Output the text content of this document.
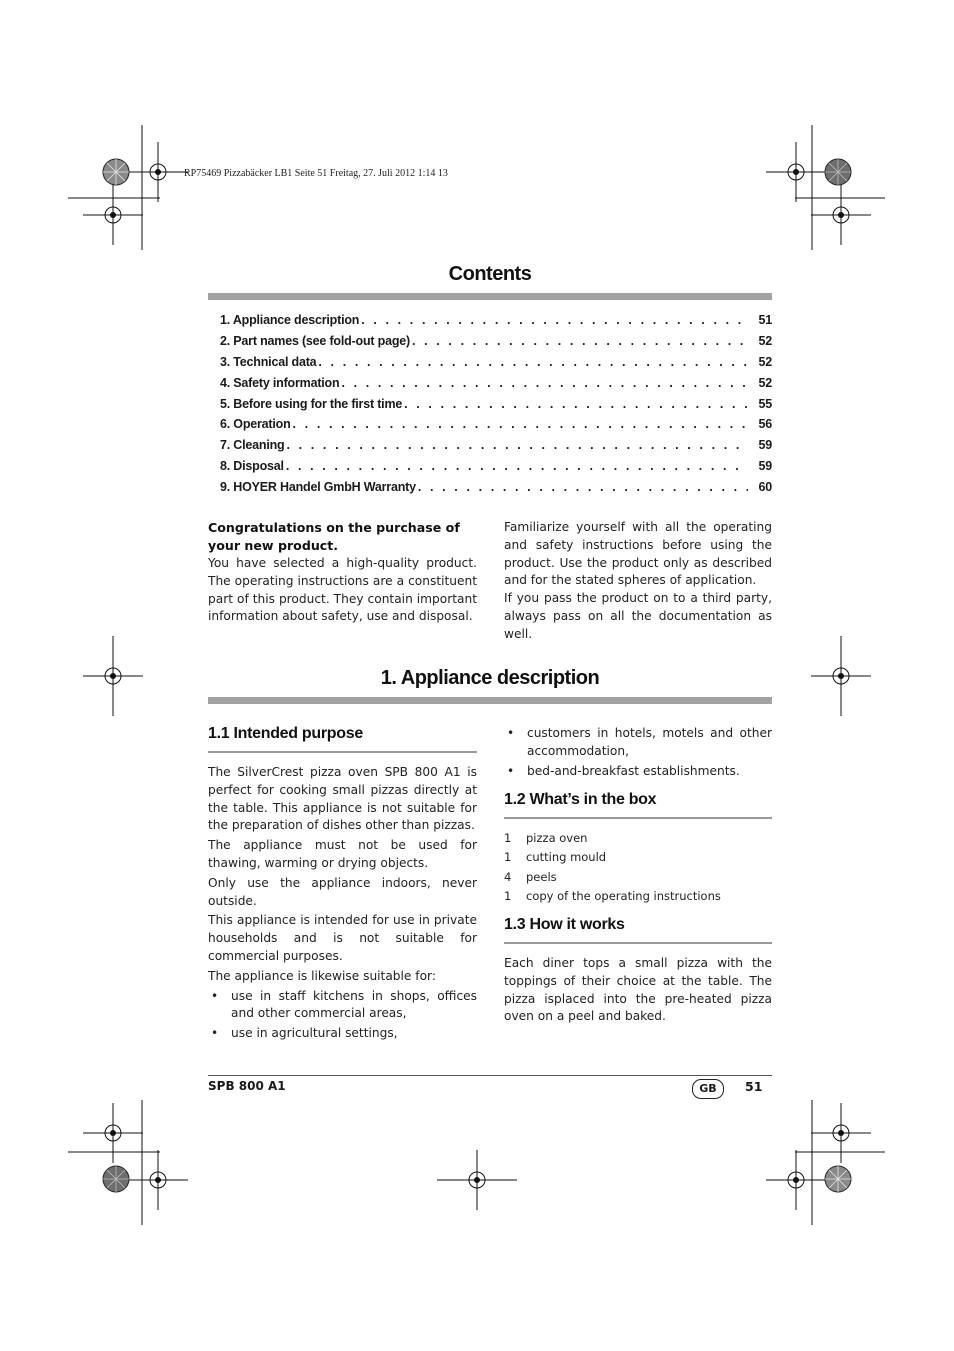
RP75469 Pizzabäcker LB1 Seite 51 Freitag, 27. Juli 2012 1:14 13
Contents
1. Appliance description . . .	51
2. Part names (see fold-out page) . . .	52
3. Technical data . . .	52
4. Safety information . . .	52
5. Before using for the first time . . .	55
6. Operation . . .	56
7. Cleaning . . .	59
8. Disposal . . .	59
9. HOYER Handel GmbH Warranty . . .	60

Congratulations on the purchase of your new product.

You have selected a high-quality product. The operating instructions are a constituent part of this product. They contain important information about safety, use and disposal.

Familiarize yourself with all the operating and safety instructions before using the product. Use the product only as described and for the stated spheres of application.

If you pass the product on to a third party, always pass on all the documentation as well.

1. Appliance description
1.1 Intended purpose

The SilverCrest pizza oven SPB 800 A1 is perfect for cooking small pizzas directly at the table. This appliance is not suitable for the preparation of dishes other than pizzas.

The appliance must not be used for thawing, warming or drying objects.

Only use the appliance indoors, never outside.

This appliance is intended for use in private households and is not suitable for commercial purposes.

The appliance is likewise suitable for:

• use in staff kitchens in shops, offices and other commercial areas,
• use in agricultural settings,
• customers in hotels, motels and other accommodation,
• bed-and-breakfast establishments.
1.2 What’s in the box
1	pizza oven
1	cutting mould
4	peels
1	copy of the operating instructions
1.3 How it works

Each diner tops a small pizza with the toppings of their choice at the table. The pizza isplaced into the pre-heated pizza oven on a peel and baked.

SPB 800 A1	GB	51
